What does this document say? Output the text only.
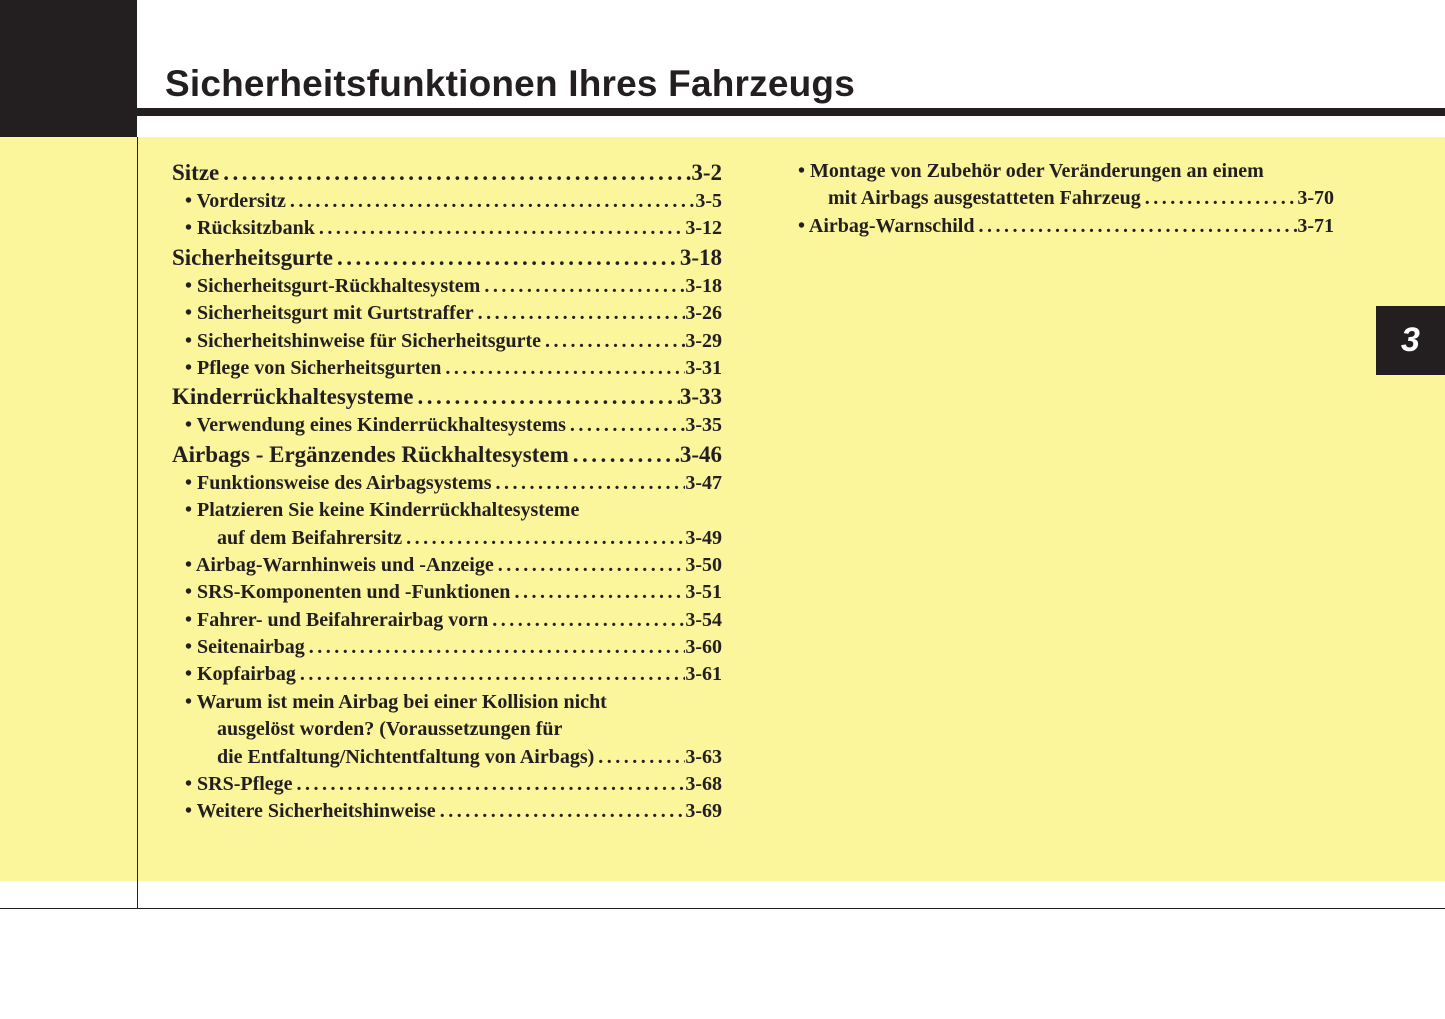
Sicherheitsfunktionen Ihres Fahrzeugs
3
Sitze .....	3-2
• Vordersitz .....	3-5
• Rücksitzbank .....	3-12
Sicherheitsgurte .....	3-18
• Sicherheitsgurt-Rückhaltesystem .....	3-18
• Sicherheitsgurt mit Gurtstraffer .....	3-26
• Sicherheitshinweise für Sicherheitsgurte .....	3-29
• Pflege von Sicherheitsgurten .....	3-31
Kinderrückhaltesysteme .....	3-33
• Verwendung eines Kinderrückhaltesystems .....	3-35
Airbags - Ergänzendes Rückhaltesystem .....	3-46
• Funktionsweise des Airbagsystems .....	3-47
• Platzieren Sie keine Kinderrückhaltesysteme
auf dem Beifahrersitz .....	3-49
• Airbag-Warnhinweis und -Anzeige .....	3-50
• SRS-Komponenten und -Funktionen .....	3-51
• Fahrer- und Beifahrerairbag vorn .....	3-54
• Seitenairbag .....	3-60
• Kopfairbag .....	3-61
• Warum ist mein Airbag bei einer Kollision nicht
ausgelöst worden? (Voraussetzungen für
die Entfaltung/Nichtentfaltung von Airbags) .....	3-63
• SRS-Pflege .....	3-68
• Weitere Sicherheitshinweise .....	3-69
• Montage von Zubehör oder Veränderungen an einem
mit Airbags ausgestatteten Fahrzeug .....	3-70
• Airbag-Warnschild .....	3-71
